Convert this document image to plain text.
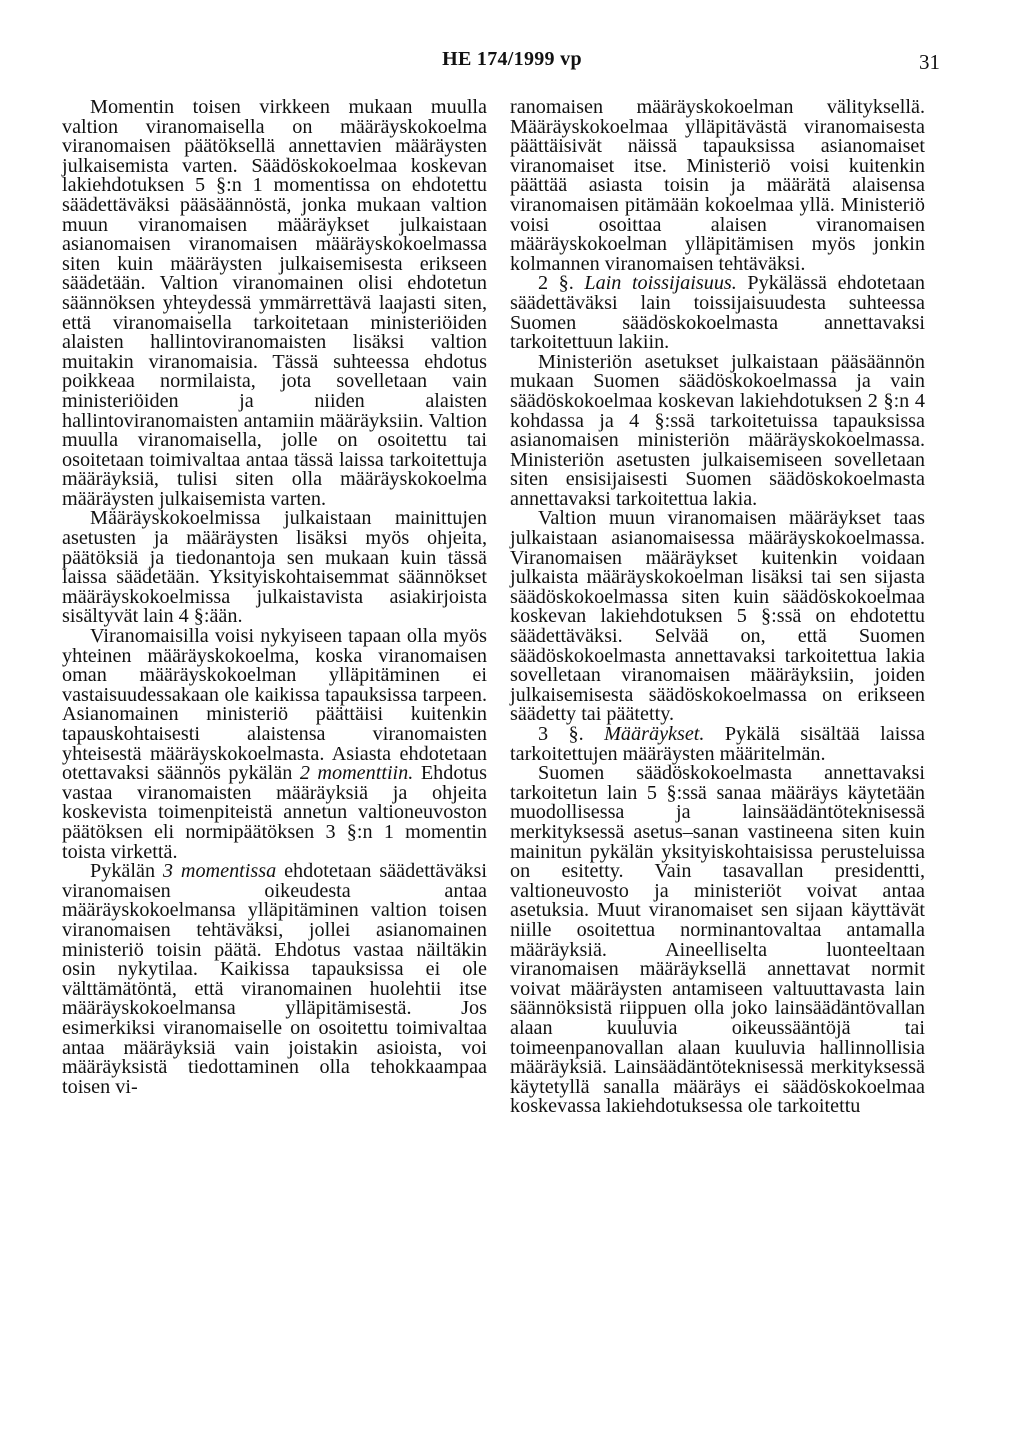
HE 174/1999 vp	31

Momentin toisen virkkeen mukaan muulla valtion viranomaisella on määräyskokoelma viranomaisen päätöksellä annettavien määräysten julkaisemista varten. Säädöskokoelmaa koskevan lakiehdotuksen 5 §:n 1 momentissa on ehdotettu säädettäväksi pääsäännöstä, jonka mukaan valtion muun viranomaisen määräykset julkaistaan asianomaisen viranomaisen määräyskokoelmassa siten kuin määräysten julkaisemisesta erikseen säädetään. Valtion viranomainen olisi ehdotetun säännöksen yhteydessä ymmärrettävä laajasti siten, että viranomaisella tarkoitetaan ministeriöiden alaisten hallintoviranomaisten lisäksi valtion muitakin viranomaisia. Tässä suhteessa ehdotus poikkeaa normilaista, jota sovelletaan vain ministeriöiden ja niiden alaisten hallintoviranomaisten antamiin määräyksiin. Valtion muulla viranomaisella, jolle on osoitettu tai osoitetaan toimivaltaa antaa tässä laissa tarkoitettuja määräyksiä, tulisi siten olla määräyskokoelma määräysten julkaisemista varten.

Määräyskokoelmissa julkaistaan mainittujen asetusten ja määräysten lisäksi myös ohjeita, päätöksiä ja tiedonantoja sen mukaan kuin tässä laissa säädetään. Yksityiskohtaisemmat säännökset määräyskokoelmissa julkaistavista asiakirjoista sisältyvät lain 4 §:ään.

Viranomaisilla voisi nykyiseen tapaan olla myös yhteinen määräyskokoelma, koska viranomaisen oman määräyskokoelman ylläpitäminen ei vastaisuudessakaan ole kaikissa tapauksissa tarpeen. Asianomainen ministeriö päättäisi kuitenkin tapauskohtaisesti alaistensa viranomaisten yhteisestä määräyskokoelmasta. Asiasta ehdotetaan otettavaksi säännös pykälän 2 momenttiin. Ehdotus vastaa viranomaisten määräyksiä ja ohjeita koskevista toimenpiteistä annetun valtioneuvoston päätöksen eli normipäätöksen 3 §:n 1 momentin toista virkettä.

Pykälän 3 momentissa ehdotetaan säädettäväksi viranomaisen oikeudesta antaa määräyskokoelmansa ylläpitäminen valtion toisen viranomaisen tehtäväksi, jollei asianomainen ministeriö toisin päätä. Ehdotus vastaa näiltäkin osin nykytilaa. Kaikissa tapauksissa ei ole välttämätöntä, että viranomainen huolehtii itse määräyskokoelmansa ylläpitämisestä. Jos esimerkiksi viranomaiselle on osoitettu toimivaltaa antaa määräyksiä vain joistakin asioista, voi määräyksistä tiedottaminen olla tehokkaampaa toisen vi-

ranomaisen määräyskokoelman välityksellä. Määräyskokoelmaa ylläpitävästä viranomaisesta päättäisivät näissä tapauksissa asianomaiset viranomaiset itse. Ministeriö voisi kuitenkin päättää asiasta toisin ja määrätä alaisensa viranomaisen pitämään kokoelmaa yllä. Ministeriö voisi osoittaa alaisen viranomaisen määräyskokoelman ylläpitämisen myös jonkin kolmannen viranomaisen tehtäväksi.

2 §. Lain toissijaisuus. Pykälässä ehdotetaan säädettäväksi lain toissijaisuudesta suhteessa Suomen säädöskokoelmasta annettavaksi tarkoitettuun lakiin.

Ministeriön asetukset julkaistaan pääsäännön mukaan Suomen säädöskokoelmassa ja vain säädöskokoelmaa koskevan lakiehdotuksen 2 §:n 4 kohdassa ja 4 §:ssä tarkoitetuissa tapauksissa asianomaisen ministeriön määräyskokoelmassa. Ministeriön asetusten julkaisemiseen sovelletaan siten ensisijaisesti Suomen säädöskokoelmasta annettavaksi tarkoitettua lakia.

Valtion muun viranomaisen määräykset taas julkaistaan asianomaisessa määräyskokoelmassa. Viranomaisen määräykset kuitenkin voidaan julkaista määräyskokoelman lisäksi tai sen sijasta säädöskokoelmassa siten kuin säädöskokoelmaa koskevan lakiehdotuksen 5 §:ssä on ehdotettu säädettäväksi. Selvää on, että Suomen säädöskokoelmasta annettavaksi tarkoitettua lakia sovelletaan viranomaisen määräyksiin, joiden julkaisemisesta säädöskokoelmassa on erikseen säädetty tai päätetty.

3 §. Määräykset. Pykälä sisältää laissa tarkoitettujen määräysten määritelmän.

Suomen säädöskokoelmasta annettavaksi tarkoitetun lain 5 §:ssä sanaa määräys käytetään muodollisessa ja lainsäädäntöteknisessä merkityksessä asetus–sanan vastineena siten kuin mainitun pykälän yksityiskohtaisissa perusteluissa on esitetty. Vain tasavallan presidentti, valtioneuvosto ja ministeriöt voivat antaa asetuksia. Muut viranomaiset sen sijaan käyttävät niille osoitettua norminantovaltaa antamalla määräyksiä. Aineelliselta luonteeltaan viranomaisen määräyksellä annettavat normit voivat määräysten antamiseen valtuuttavasta lain säännöksistä riippuen olla joko lainsäädäntövallan alaan kuuluvia oikeussääntöjä tai toimeenpanovallan alaan kuuluvia hallinnollisia määräyksiä. Lainsäädäntöteknisessä merkityksessä käytetyllä sanalla määräys ei säädöskokoelmaa koskevassa lakiehdotuksessa ole tarkoitettu
